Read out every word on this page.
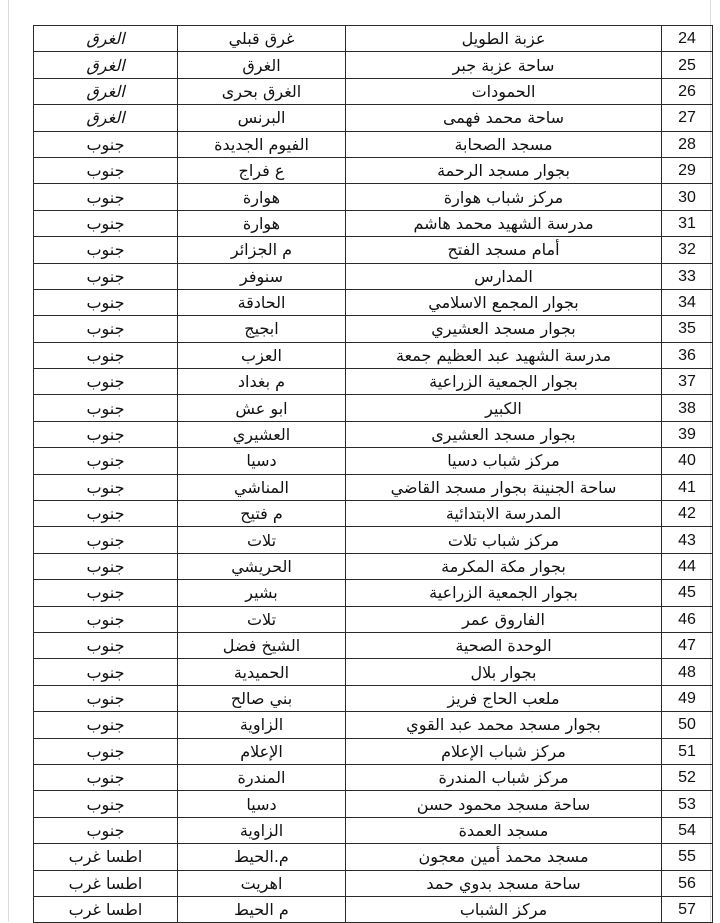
الغرق	غرق قبلي	عزبة الطويل	24
الغرق	الغرق	ساحة عزبة جبر	25
الغرق	الغرق بحرى	الحمودات	26
الغرق	البرنس	ساحة محمد فهمى	27
جنوب	الفيوم الجديدة	مسجد الصحابة	28
جنوب	ع فراج	بجوار مسجد الرحمة	29
جنوب	هوارة	مركز شباب هوارة	30
جنوب	هوارة	مدرسة الشهيد محمد هاشم	31
جنوب	م الجزائر	أمام مسجد الفتح	32
جنوب	سنوفر	المدارس	33
جنوب	الحادقة	بجوار المجمع الاسلامي	34
جنوب	ابجيج	بجوار مسجد العشيري	35
جنوب	العزب	مدرسة الشهيد عبد العظيم جمعة	36
جنوب	م بغداد	بجوار الجمعية الزراعية	37
جنوب	ابو عش	الكبير	38
جنوب	العشيري	بجوار مسجد العشيرى	39
جنوب	دسيا	مركز شباب دسيا	40
جنوب	المناشي	ساحة الجنينة بجوار مسجد القاضي	41
جنوب	م فتيح	المدرسة الابتدائية	42
جنوب	تلات	مركز شباب تلات	43
جنوب	الحريشي	بجوار مكة المكرمة	44
جنوب	بشير	بجوار الجمعية الزراعية	45
جنوب	تلات	الفاروق عمر	46
جنوب	الشيخ فضل	الوحدة الصحية	47
جنوب	الحميدية	بجوار بلال	48
جنوب	بني صالح	ملعب الحاج فريز	49
جنوب	الزاوية	بجوار مسجد محمد عبد القوي	50
جنوب	الإعلام	مركز شباب الإعلام	51
جنوب	المندرة	مركز شباب المندرة	52
جنوب	دسيا	ساحة مسجد محمود حسن	53
جنوب	الزاوية	مسجد العمدة	54
اطسا غرب	م.الحيط	مسجد محمد أمين معجون	55
اطسا غرب	اهريت	ساحة مسجد بدوي حمد	56
اطسا غرب	م الحيط	مركز الشباب	57
